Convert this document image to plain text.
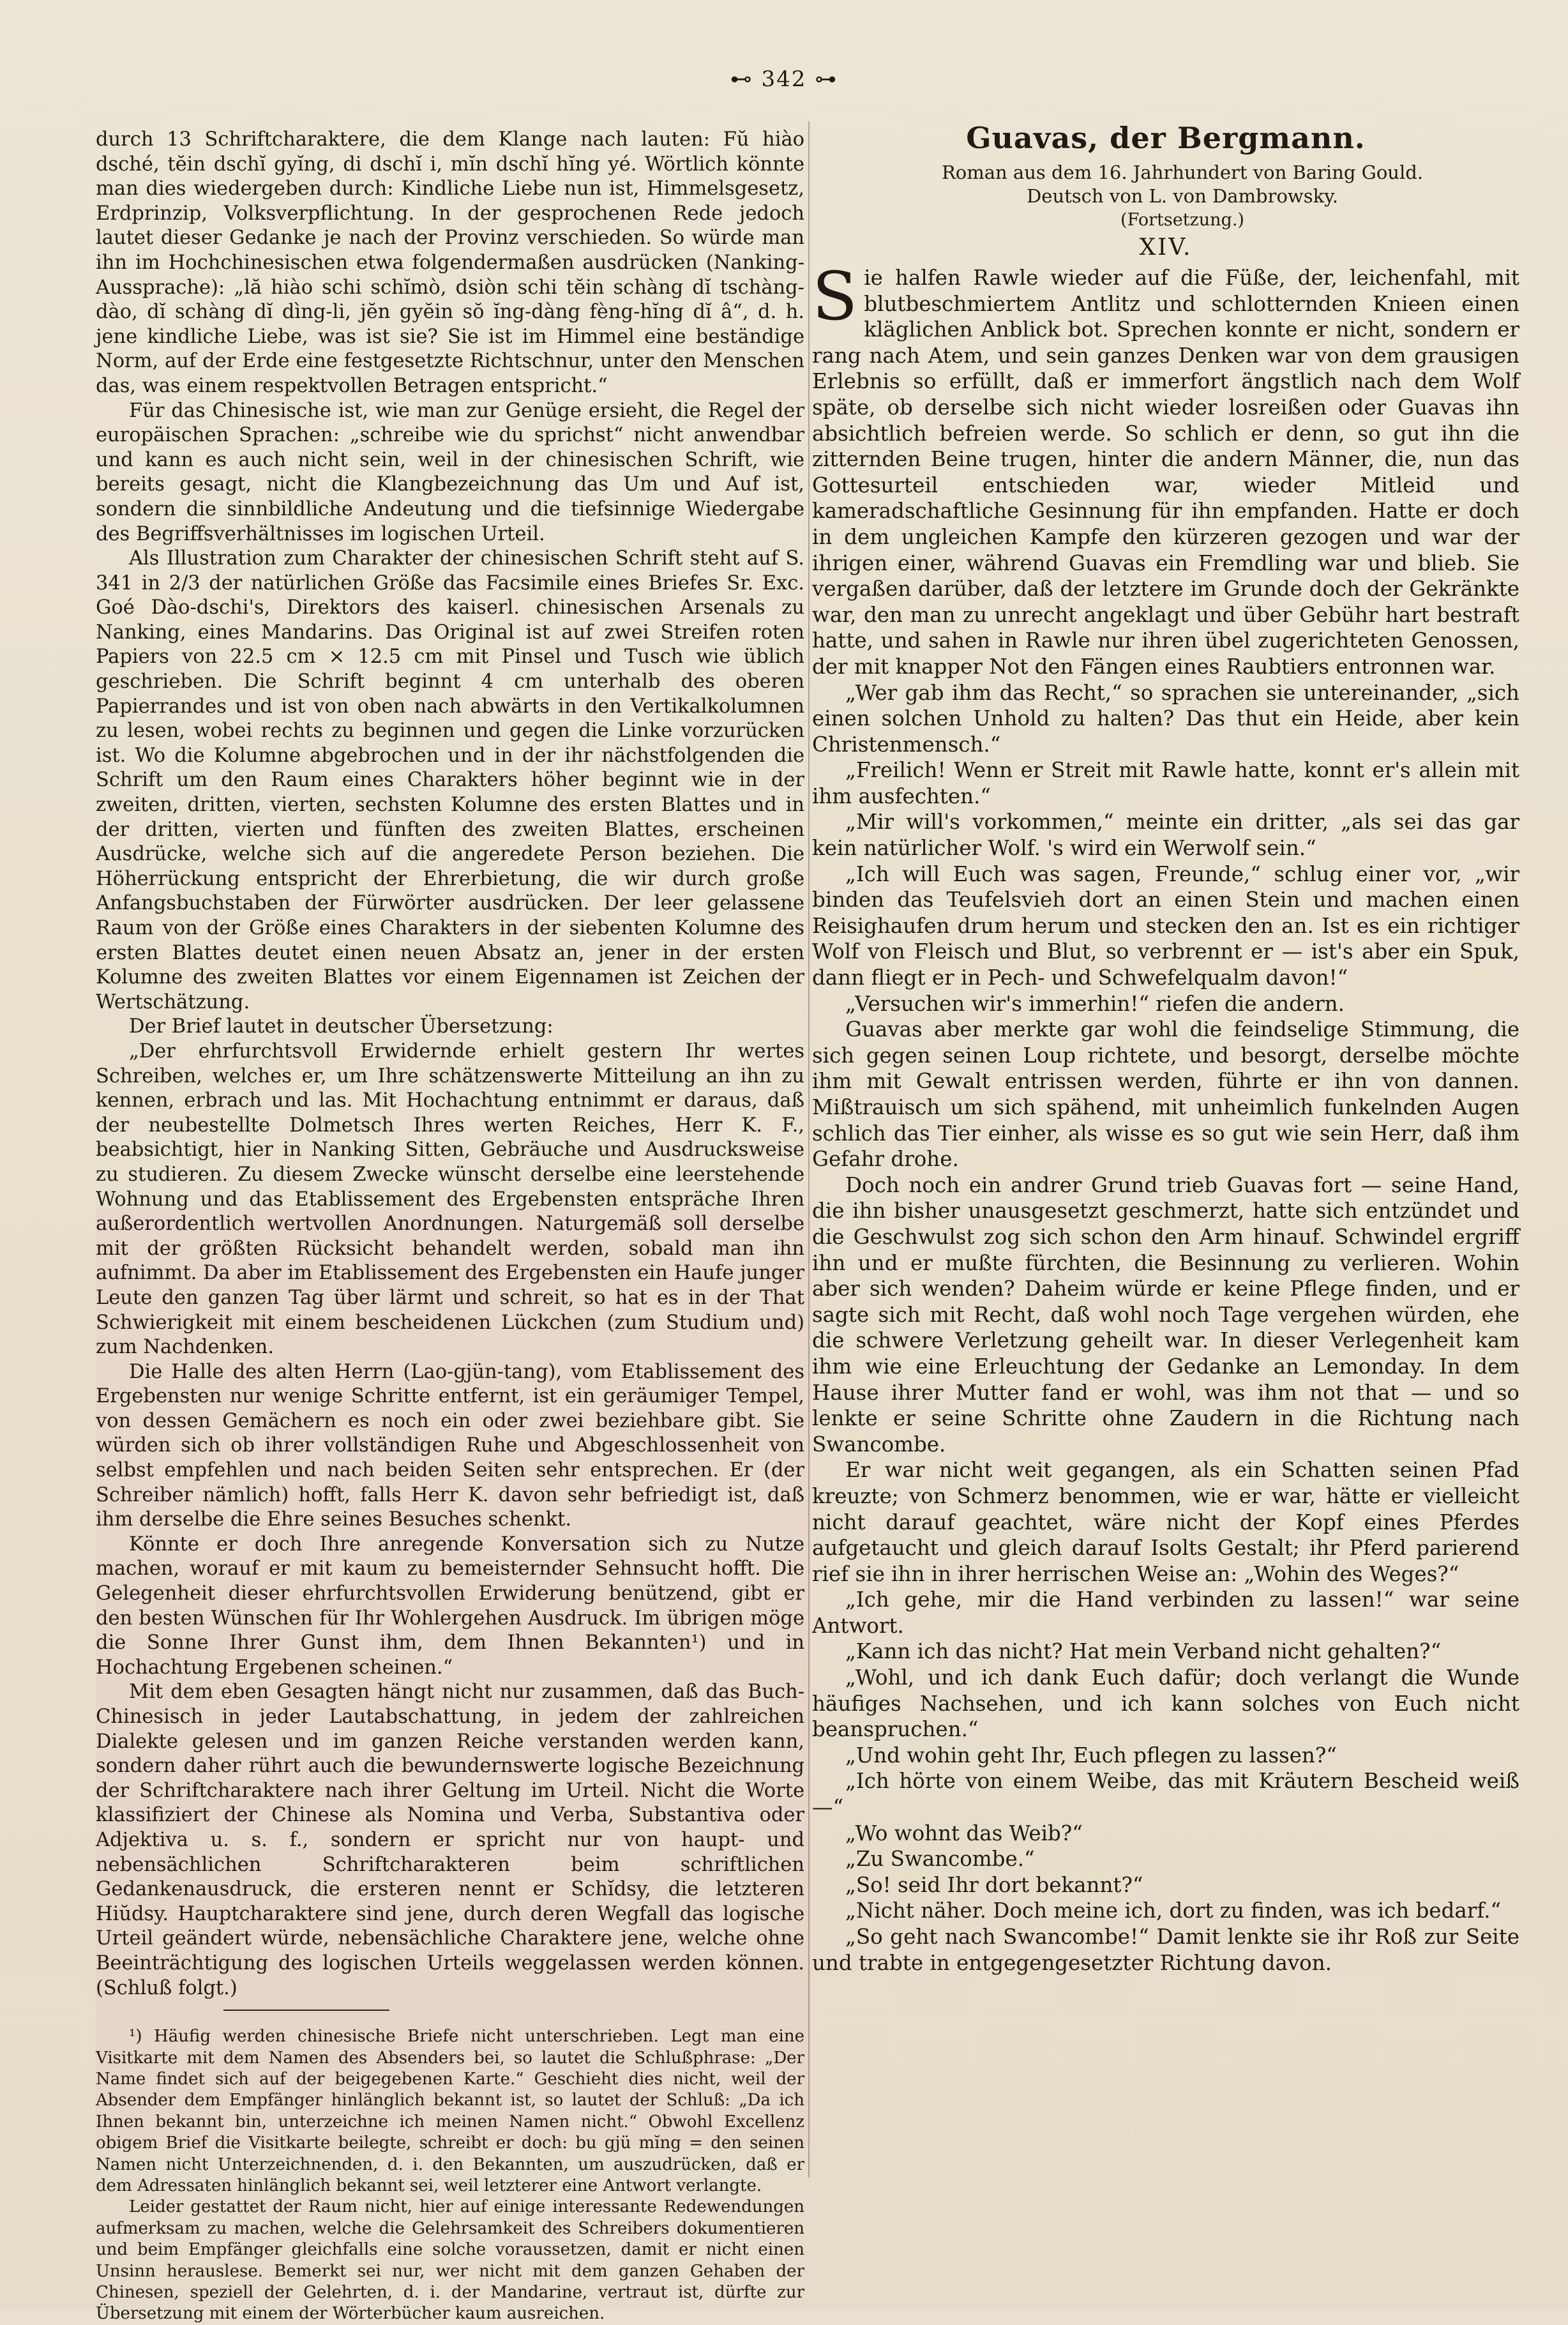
⊷ 342 ⊶

durch 13 Schriftcharaktere, die dem Klange nach lauten: Fŭ hiào dsché, tĕin dschĭ gyĭng, di dschĭ i, mĭn dschĭ hĭng yé. Wörtlich könnte man dies wiedergeben durch: Kindliche Liebe nun ist, Himmelsgesetz, Erdprinzip, Volksverpflichtung. In der gesprochenen Rede jedoch lautet dieser Gedanke je nach der Provinz verschieden. So würde man ihn im Hochchinesischen etwa folgendermaßen ausdrücken (Nanking-Aussprache): „lă hiào schi schĭmò, dsiòn schi tĕin schàng dĭ tschàng-dào, dĭ schàng dĭ dìng-li, jĕn gyĕin sŏ ĭng-dàng fèng-hĭng dĭ â“, d. h. jene kindliche Liebe, was ist sie? Sie ist im Himmel eine beständige Norm, auf der Erde eine festgesetzte Richtschnur, unter den Menschen das, was einem respektvollen Betragen entspricht.“

Für das Chinesische ist, wie man zur Genüge ersieht, die Regel der europäischen Sprachen: „schreibe wie du sprichst“ nicht anwendbar und kann es auch nicht sein, weil in der chinesischen Schrift, wie bereits gesagt, nicht die Klangbezeichnung das Um und Auf ist, sondern die sinnbildliche Andeutung und die tiefsinnige Wiedergabe des Begriffsverhältnisses im logischen Urteil.

Als Illustration zum Charakter der chinesischen Schrift steht auf S. 341 in 2/3 der natürlichen Größe das Facsimile eines Briefes Sr. Exc. Goé Dào-dschi's, Direktors des kaiserl. chinesischen Arsenals zu Nanking, eines Mandarins. Das Original ist auf zwei Streifen roten Papiers von 22.5 cm × 12.5 cm mit Pinsel und Tusch wie üblich geschrieben. Die Schrift beginnt 4 cm unterhalb des oberen Papierrandes und ist von oben nach abwärts in den Vertikalkolumnen zu lesen, wobei rechts zu beginnen und gegen die Linke vorzurücken ist. Wo die Kolumne abgebrochen und in der ihr nächstfolgenden die Schrift um den Raum eines Charakters höher beginnt wie in der zweiten, dritten, vierten, sechsten Kolumne des ersten Blattes und in der dritten, vierten und fünften des zweiten Blattes, erscheinen Ausdrücke, welche sich auf die angeredete Person beziehen. Die Höherrückung entspricht der Ehrerbietung, die wir durch große Anfangsbuchstaben der Fürwörter ausdrücken. Der leer gelassene Raum von der Größe eines Charakters in der siebenten Kolumne des ersten Blattes deutet einen neuen Absatz an, jener in der ersten Kolumne des zweiten Blattes vor einem Eigennamen ist Zeichen der Wertschätzung.

Der Brief lautet in deutscher Übersetzung:

„Der ehrfurchtsvoll Erwidernde erhielt gestern Ihr wertes Schreiben, welches er, um Ihre schätzenswerte Mitteilung an ihn zu kennen, erbrach und las. Mit Hochachtung entnimmt er daraus, daß der neubestellte Dolmetsch Ihres werten Reiches, Herr K. F., beabsichtigt, hier in Nanking Sitten, Gebräuche und Ausdrucksweise zu studieren. Zu diesem Zwecke wünscht derselbe eine leerstehende Wohnung und das Etablissement des Ergebensten entspräche Ihren außerordentlich wertvollen Anordnungen. Naturgemäß soll derselbe mit der größten Rücksicht behandelt werden, sobald man ihn aufnimmt. Da aber im Etablissement des Ergebensten ein Haufe junger Leute den ganzen Tag über lärmt und schreit, so hat es in der That Schwierigkeit mit einem bescheidenen Lückchen (zum Studium und) zum Nachdenken.

Die Halle des alten Herrn (Lao-gjün-tang), vom Etablissement des Ergebensten nur wenige Schritte entfernt, ist ein geräumiger Tempel, von dessen Gemächern es noch ein oder zwei beziehbare gibt. Sie würden sich ob ihrer vollständigen Ruhe und Abgeschlossenheit von selbst empfehlen und nach beiden Seiten sehr entsprechen. Er (der Schreiber nämlich) hofft, falls Herr K. davon sehr befriedigt ist, daß ihm derselbe die Ehre seines Besuches schenkt.

Könnte er doch Ihre anregende Konversation sich zu Nutze machen, worauf er mit kaum zu bemeisternder Sehnsucht hofft. Die Gelegenheit dieser ehrfurchtsvollen Erwiderung benützend, gibt er den besten Wünschen für Ihr Wohlergehen Ausdruck. Im übrigen möge die Sonne Ihrer Gunst ihm, dem Ihnen Bekannten¹) und in Hochachtung Ergebenen scheinen.“

Mit dem eben Gesagten hängt nicht nur zusammen, daß das Buch-Chinesisch in jeder Lautabschattung, in jedem der zahlreichen Dialekte gelesen und im ganzen Reiche verstanden werden kann, sondern daher rührt auch die bewundernswerte logische Bezeichnung der Schriftcharaktere nach ihrer Geltung im Urteil. Nicht die Worte klassifiziert der Chinese als Nomina und Verba, Substantiva oder Adjektiva u. s. f., sondern er spricht nur von haupt- und nebensächlichen Schriftcharakteren beim schriftlichen Gedankenausdruck, die ersteren nennt er Schĭdsy, die letzteren Hiŭdsy. Hauptcharaktere sind jene, durch deren Wegfall das logische Urteil geändert würde, nebensächliche Charaktere jene, welche ohne Beeinträchtigung des logischen Urteils weggelassen werden können. (Schluß folgt.)

¹) Häufig werden chinesische Briefe nicht unterschrieben. Legt man eine Visitkarte mit dem Namen des Absenders bei, so lautet die Schlußphrase: „Der Name findet sich auf der beigegebenen Karte.“ Geschieht dies nicht, weil der Absender dem Empfänger hinlänglich bekannt ist, so lautet der Schluß: „Da ich Ihnen bekannt bin, unterzeichne ich meinen Namen nicht.“ Obwohl Excellenz obigem Brief die Visitkarte beilegte, schreibt er doch: bu gjü mĭng = den seinen Namen nicht Unterzeichnenden, d. i. den Bekannten, um auszudrücken, daß er dem Adressaten hinlänglich bekannt sei, weil letzterer eine Antwort verlangte.

Leider gestattet der Raum nicht, hier auf einige interessante Redewendungen aufmerksam zu machen, welche die Gelehrsamkeit des Schreibers dokumentieren und beim Empfänger gleichfalls eine solche voraussetzen, damit er nicht einen Unsinn herauslese. Bemerkt sei nur, wer nicht mit dem ganzen Gehaben der Chinesen, speziell der Gelehrten, d. i. der Mandarine, vertraut ist, dürfte zur Übersetzung mit einem der Wörterbücher kaum ausreichen.

Guavas, der Bergmann.

Roman aus dem 16. Jahrhundert von Baring Gould.

Deutsch von L. von Dambrowsky.

(Fortsetzung.)

XIV.

Sie halfen Rawle wieder auf die Füße, der, leichenfahl, mit blutbeschmiertem Antlitz und schlotternden Knieen einen kläglichen Anblick bot. Sprechen konnte er nicht, sondern er rang nach Atem, und sein ganzes Denken war von dem grausigen Erlebnis so erfüllt, daß er immerfort ängstlich nach dem Wolf späte, ob derselbe sich nicht wieder losreißen oder Guavas ihn absichtlich befreien werde. So schlich er denn, so gut ihn die zitternden Beine trugen, hinter die andern Männer, die, nun das Gottesurteil entschieden war, wieder Mitleid und kameradschaftliche Gesinnung für ihn empfanden. Hatte er doch in dem ungleichen Kampfe den kürzeren gezogen und war der ihrigen einer, während Guavas ein Fremdling war und blieb. Sie vergaßen darüber, daß der letztere im Grunde doch der Gekränkte war, den man zu unrecht angeklagt und über Gebühr hart bestraft hatte, und sahen in Rawle nur ihren übel zugerichteten Genossen, der mit knapper Not den Fängen eines Raubtiers entronnen war.

„Wer gab ihm das Recht,“ so sprachen sie untereinander, „sich einen solchen Unhold zu halten? Das thut ein Heide, aber kein Christenmensch.“

„Freilich! Wenn er Streit mit Rawle hatte, konnt er's allein mit ihm ausfechten.“

„Mir will's vorkommen,“ meinte ein dritter, „als sei das gar kein natürlicher Wolf. 's wird ein Werwolf sein.“

„Ich will Euch was sagen, Freunde,“ schlug einer vor, „wir binden das Teufelsvieh dort an einen Stein und machen einen Reisighaufen drum herum und stecken den an. Ist es ein richtiger Wolf von Fleisch und Blut, so verbrennt er — ist's aber ein Spuk, dann fliegt er in Pech- und Schwefelqualm davon!“

„Versuchen wir's immerhin!“ riefen die andern.

Guavas aber merkte gar wohl die feindselige Stimmung, die sich gegen seinen Loup richtete, und besorgt, derselbe möchte ihm mit Gewalt entrissen werden, führte er ihn von dannen. Mißtrauisch um sich spähend, mit unheimlich funkelnden Augen schlich das Tier einher, als wisse es so gut wie sein Herr, daß ihm Gefahr drohe.

Doch noch ein andrer Grund trieb Guavas fort — seine Hand, die ihn bisher unausgesetzt geschmerzt, hatte sich entzündet und die Geschwulst zog sich schon den Arm hinauf. Schwindel ergriff ihn und er mußte fürchten, die Besinnung zu verlieren. Wohin aber sich wenden? Daheim würde er keine Pflege finden, und er sagte sich mit Recht, daß wohl noch Tage vergehen würden, ehe die schwere Verletzung geheilt war. In dieser Verlegenheit kam ihm wie eine Erleuchtung der Gedanke an Lemonday. In dem Hause ihrer Mutter fand er wohl, was ihm not that — und so lenkte er seine Schritte ohne Zaudern in die Richtung nach Swancombe.

Er war nicht weit gegangen, als ein Schatten seinen Pfad kreuzte; von Schmerz benommen, wie er war, hätte er vielleicht nicht darauf geachtet, wäre nicht der Kopf eines Pferdes aufgetaucht und gleich darauf Isolts Gestalt; ihr Pferd parierend rief sie ihn in ihrer herrischen Weise an: „Wohin des Weges?“

„Ich gehe, mir die Hand verbinden zu lassen!“ war seine Antwort.

„Kann ich das nicht? Hat mein Verband nicht gehalten?“

„Wohl, und ich dank Euch dafür; doch verlangt die Wunde häufiges Nachsehen, und ich kann solches von Euch nicht beanspruchen.“

„Und wohin geht Ihr, Euch pflegen zu lassen?“

„Ich hörte von einem Weibe, das mit Kräutern Bescheid weiß —“

„Wo wohnt das Weib?“

„Zu Swancombe.“

„So! seid Ihr dort bekannt?“

„Nicht näher. Doch meine ich, dort zu finden, was ich bedarf.“

„So geht nach Swancombe!“ Damit lenkte sie ihr Roß zur Seite und trabte in entgegengesetzter Richtung davon.
